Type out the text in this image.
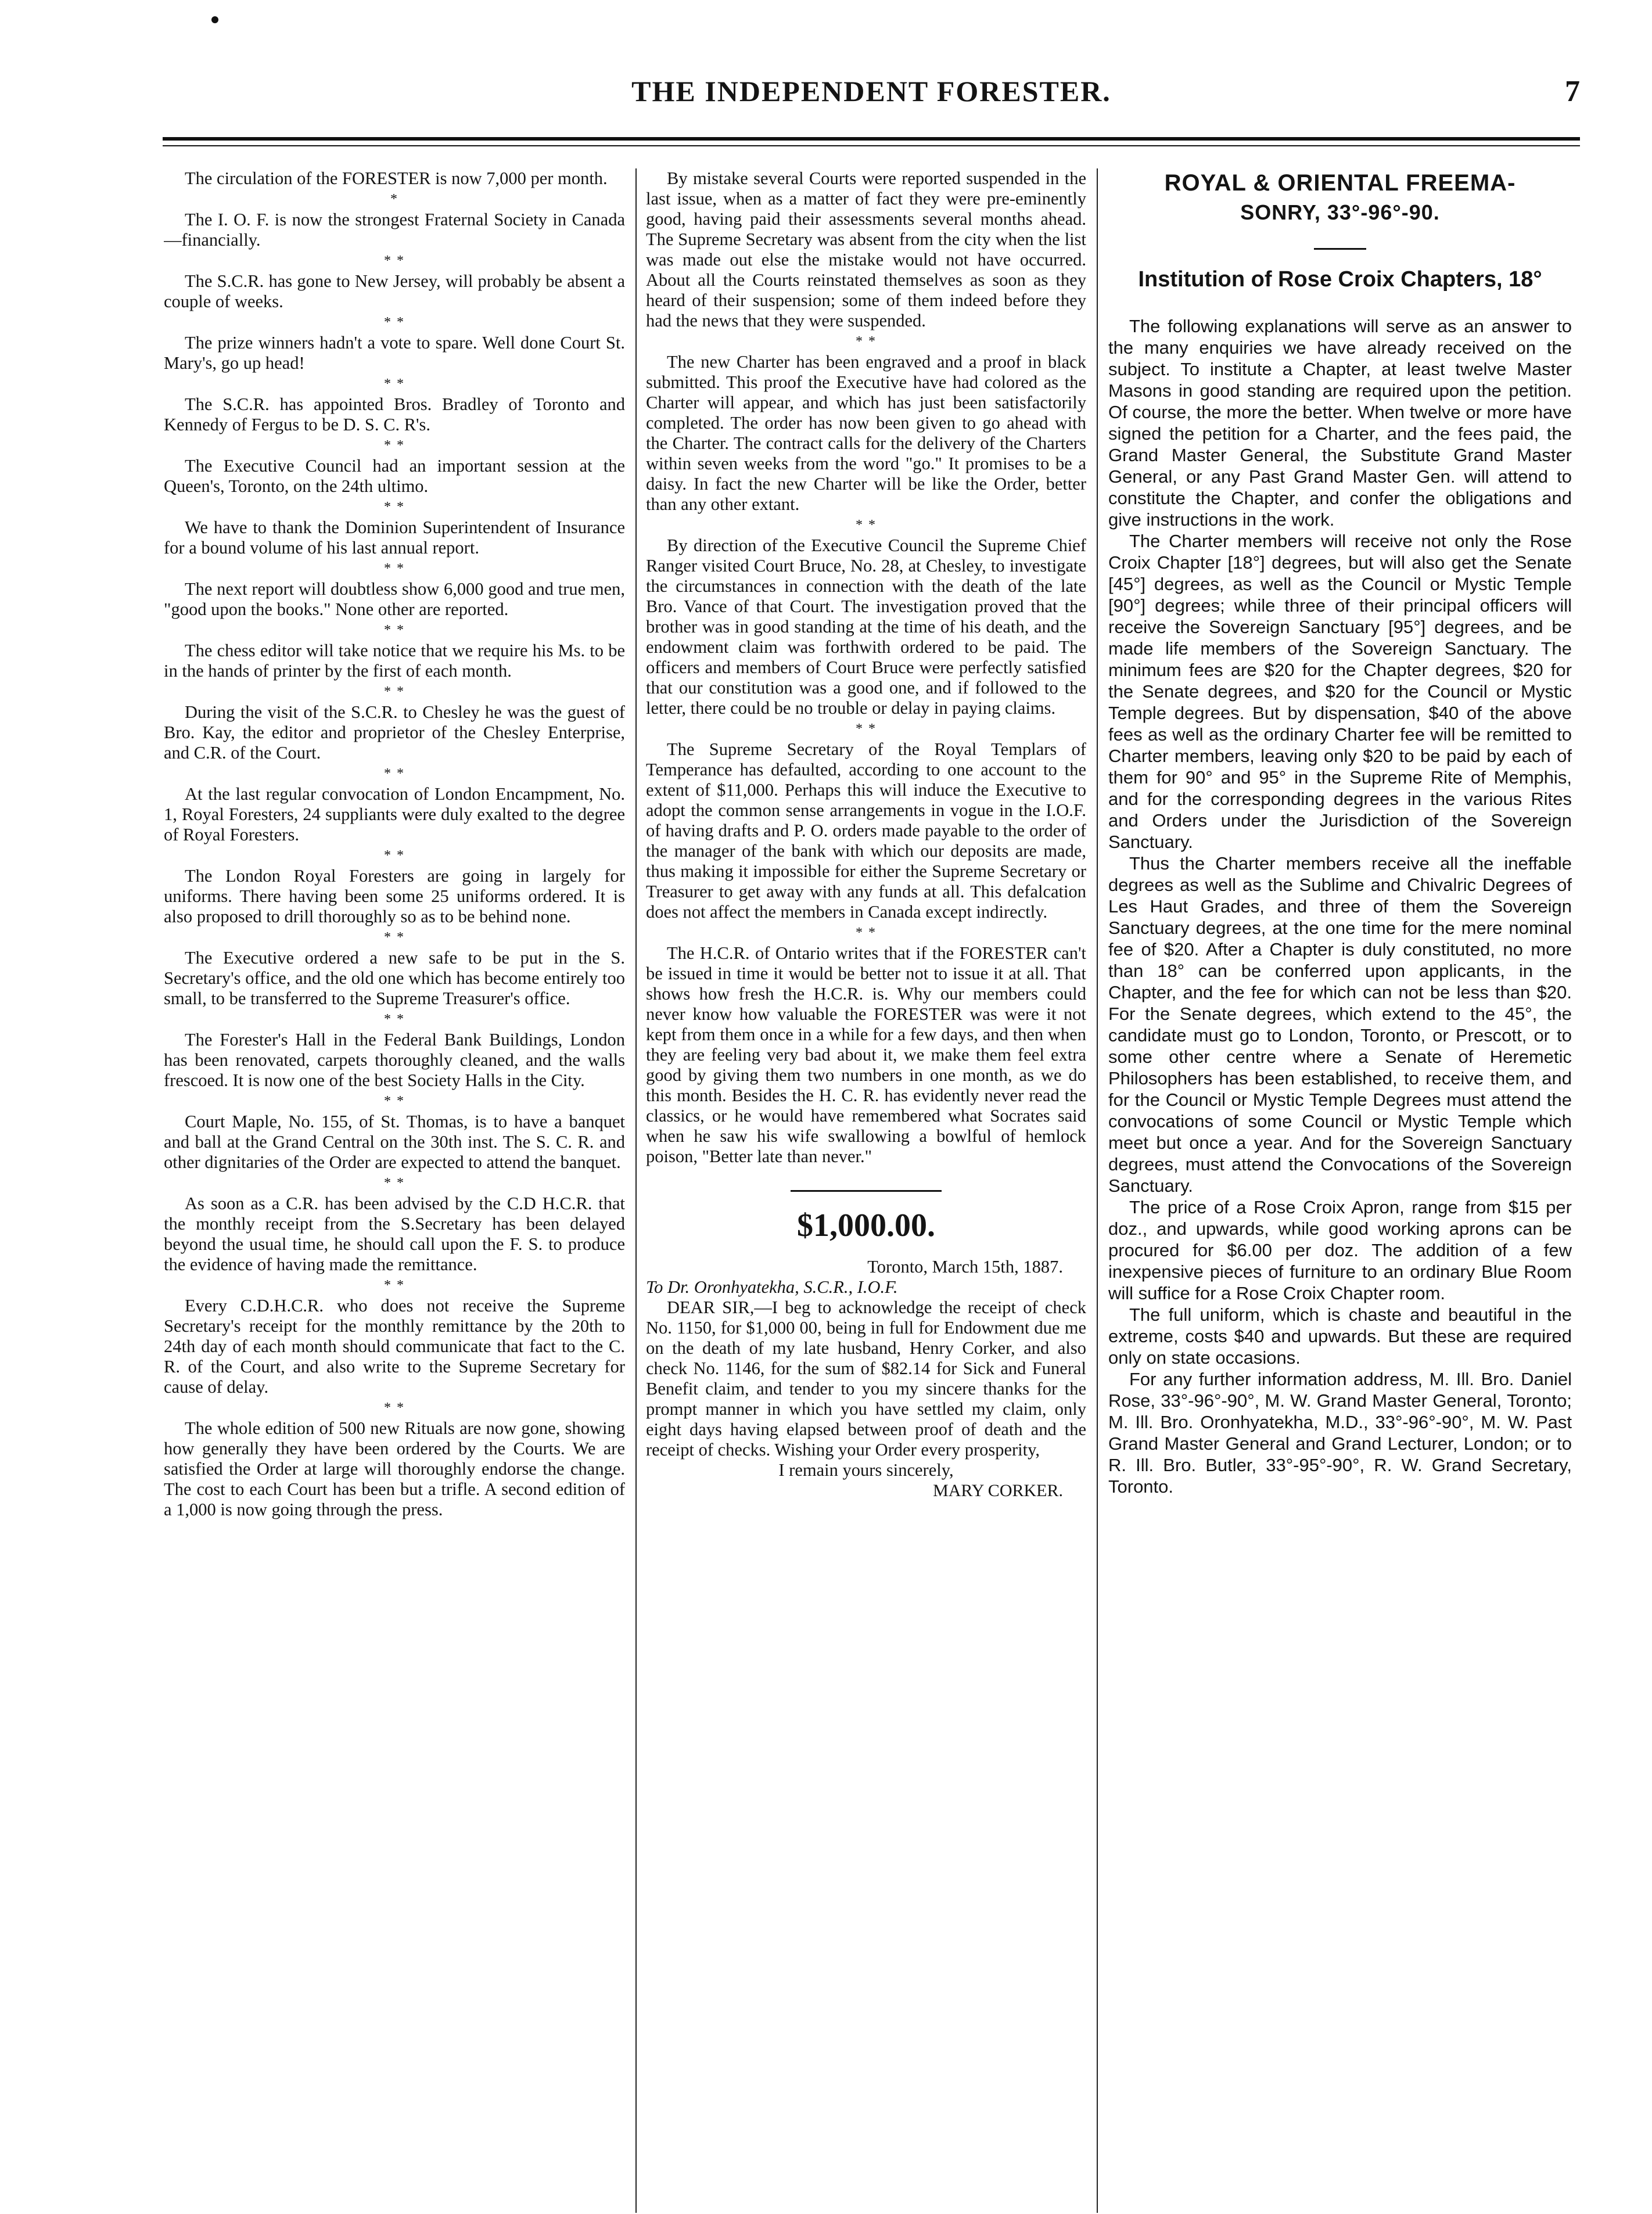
THE INDEPENDENT FORESTER.	7

The circulation of the FORESTER is now 7,000 per month.

*

The I. O. F. is now the strongest Fraternal Society in Canada—financially.

* *

The S.C.R. has gone to New Jersey, will probably be absent a couple of weeks.

* *

The prize winners hadn't a vote to spare. Well done Court St. Mary's, go up head!

* *

The S.C.R. has appointed Bros. Bradley of Toronto and Kennedy of Fergus to be D. S. C. R's.

* *

The Executive Council had an important session at the Queen's, Toronto, on the 24th ultimo.

* *

We have to thank the Dominion Superintendent of Insurance for a bound volume of his last annual report.

* *

The next report will doubtless show 6,000 good and true men, "good upon the books." None other are reported.

* *

The chess editor will take notice that we require his Ms. to be in the hands of printer by the first of each month.

* *

During the visit of the S.C.R. to Chesley he was the guest of Bro. Kay, the editor and proprietor of the Chesley Enterprise, and C.R. of the Court.

* *

At the last regular convocation of London Encampment, No. 1, Royal Foresters, 24 suppliants were duly exalted to the degree of Royal Foresters.

* *

The London Royal Foresters are going in largely for uniforms. There having been some 25 uniforms ordered. It is also proposed to drill thoroughly so as to be behind none.

* *

The Executive ordered a new safe to be put in the S. Secretary's office, and the old one which has become entirely too small, to be transferred to the Supreme Treasurer's office.

* *

The Forester's Hall in the Federal Bank Buildings, London has been renovated, carpets thoroughly cleaned, and the walls frescoed. It is now one of the best Society Halls in the City.

* *

Court Maple, No. 155, of St. Thomas, is to have a banquet and ball at the Grand Central on the 30th inst. The S. C. R. and other dignitaries of the Order are expected to attend the banquet.

* *

As soon as a C.R. has been advised by the C.D H.C.R. that the monthly receipt from the S.Secretary has been delayed beyond the usual time, he should call upon the F. S. to produce the evidence of having made the remittance.

* *

Every C.D.H.C.R. who does not receive the Supreme Secretary's receipt for the monthly remittance by the 20th to 24th day of each month should communicate that fact to the C. R. of the Court, and also write to the Supreme Secretary for cause of delay.

* *

The whole edition of 500 new Rituals are now gone, showing how generally they have been ordered by the Courts. We are satisfied the Order at large will thoroughly endorse the change. The cost to each Court has been but a trifle. A second edition of a 1,000 is now going through the press.

By mistake several Courts were reported suspended in the last issue, when as a matter of fact they were pre-eminently good, having paid their assessments several months ahead. The Supreme Secretary was absent from the city when the list was made out else the mistake would not have occurred. About all the Courts reinstated themselves as soon as they heard of their suspension; some of them indeed before they had the news that they were suspended.

* *

The new Charter has been engraved and a proof in black submitted. This proof the Executive have had colored as the Charter will appear, and which has just been satisfactorily completed. The order has now been given to go ahead with the Charter. The contract calls for the delivery of the Charters within seven weeks from the word "go." It promises to be a daisy. In fact the new Charter will be like the Order, better than any other extant.

* *

By direction of the Executive Council the Supreme Chief Ranger visited Court Bruce, No. 28, at Chesley, to investigate the circumstances in connection with the death of the late Bro. Vance of that Court. The investigation proved that the brother was in good standing at the time of his death, and the endowment claim was forthwith ordered to be paid. The officers and members of Court Bruce were perfectly satisfied that our constitution was a good one, and if followed to the letter, there could be no trouble or delay in paying claims.

* *

The Supreme Secretary of the Royal Templars of Temperance has defaulted, according to one account to the extent of $11,000. Perhaps this will induce the Executive to adopt the common sense arrangements in vogue in the I.O.F. of having drafts and P. O. orders made payable to the order of the manager of the bank with which our deposits are made, thus making it impossible for either the Supreme Secretary or Treasurer to get away with any funds at all. This defalcation does not affect the members in Canada except indirectly.

* *

The H.C.R. of Ontario writes that if the FORESTER can't be issued in time it would be better not to issue it at all. That shows how fresh the H.C.R. is. Why our members could never know how valuable the FORESTER was were it not kept from them once in a while for a few days, and then when they are feeling very bad about it, we make them feel extra good by giving them two numbers in one month, as we do this month. Besides the H. C. R. has evidently never read the classics, or he would have remembered what Socrates said when he saw his wife swallowing a bowlful of hemlock poison, "Better late than never."

$1,000.00.
Toronto, March 15th, 1887.
To Dr. Oronhyatekha, S.C.R., I.O.F.

DEAR SIR,—I beg to acknowledge the receipt of check No. 1150, for $1,000 00, being in full for Endowment due me on the death of my late husband, Henry Corker, and also check No. 1146, for the sum of $82.14 for Sick and Funeral Benefit claim, and tender to you my sincere thanks for the prompt manner in which you have settled my claim, only eight days having elapsed between proof of death and the receipt of checks. Wishing your Order every prosperity,

I remain yours sincerely,
MARY CORKER.
ROYAL & ORIENTAL FREEMA-
SONRY, 33°-96°-90.
Institution of Rose Croix Chapters, 18°

The following explanations will serve as an answer to the many enquiries we have already received on the subject. To institute a Chapter, at least twelve Master Masons in good standing are required upon the petition. Of course, the more the better. When twelve or more have signed the petition for a Charter, and the fees paid, the Grand Master General, the Substitute Grand Master General, or any Past Grand Master Gen. will attend to constitute the Chapter, and confer the obligations and give instructions in the work.

The Charter members will receive not only the Rose Croix Chapter [18°] degrees, but will also get the Senate [45°] degrees, as well as the Council or Mystic Temple [90°] degrees; while three of their principal officers will receive the Sovereign Sanctuary [95°] degrees, and be made life members of the Sovereign Sanctuary. The minimum fees are $20 for the Chapter degrees, $20 for the Senate degrees, and $20 for the Council or Mystic Temple degrees. But by dispensation, $40 of the above fees as well as the ordinary Charter fee will be remitted to Charter members, leaving only $20 to be paid by each of them for 90° and 95° in the Supreme Rite of Memphis, and for the corresponding degrees in the various Rites and Orders under the Jurisdiction of the Sovereign Sanctuary.

Thus the Charter members receive all the ineffable degrees as well as the Sublime and Chivalric Degrees of Les Haut Grades, and three of them the Sovereign Sanctuary degrees, at the one time for the mere nominal fee of $20. After a Chapter is duly constituted, no more than 18° can be conferred upon applicants, in the Chapter, and the fee for which can not be less than $20. For the Senate degrees, which extend to the 45°, the candidate must go to London, Toronto, or Prescott, or to some other centre where a Senate of Heremetic Philosophers has been established, to receive them, and for the Council or Mystic Temple Degrees must attend the convocations of some Council or Mystic Temple which meet but once a year. And for the Sovereign Sanctuary degrees, must attend the Convocations of the Sovereign Sanctuary.

The price of a Rose Croix Apron, range from $15 per doz., and upwards, while good working aprons can be procured for $6.00 per doz. The addition of a few inexpensive pieces of furniture to an ordinary Blue Room will suffice for a Rose Croix Chapter room.

The full uniform, which is chaste and beautiful in the extreme, costs $40 and upwards. But these are required only on state occasions.

For any further information address, M. Ill. Bro. Daniel Rose, 33°-96°-90°, M. W. Grand Master General, Toronto; M. Ill. Bro. Oronhyatekha, M.D., 33°-96°-90°, M. W. Past Grand Master General and Grand Lecturer, London; or to R. Ill. Bro. Butler, 33°-95°-90°, R. W. Grand Secretary, Toronto.
